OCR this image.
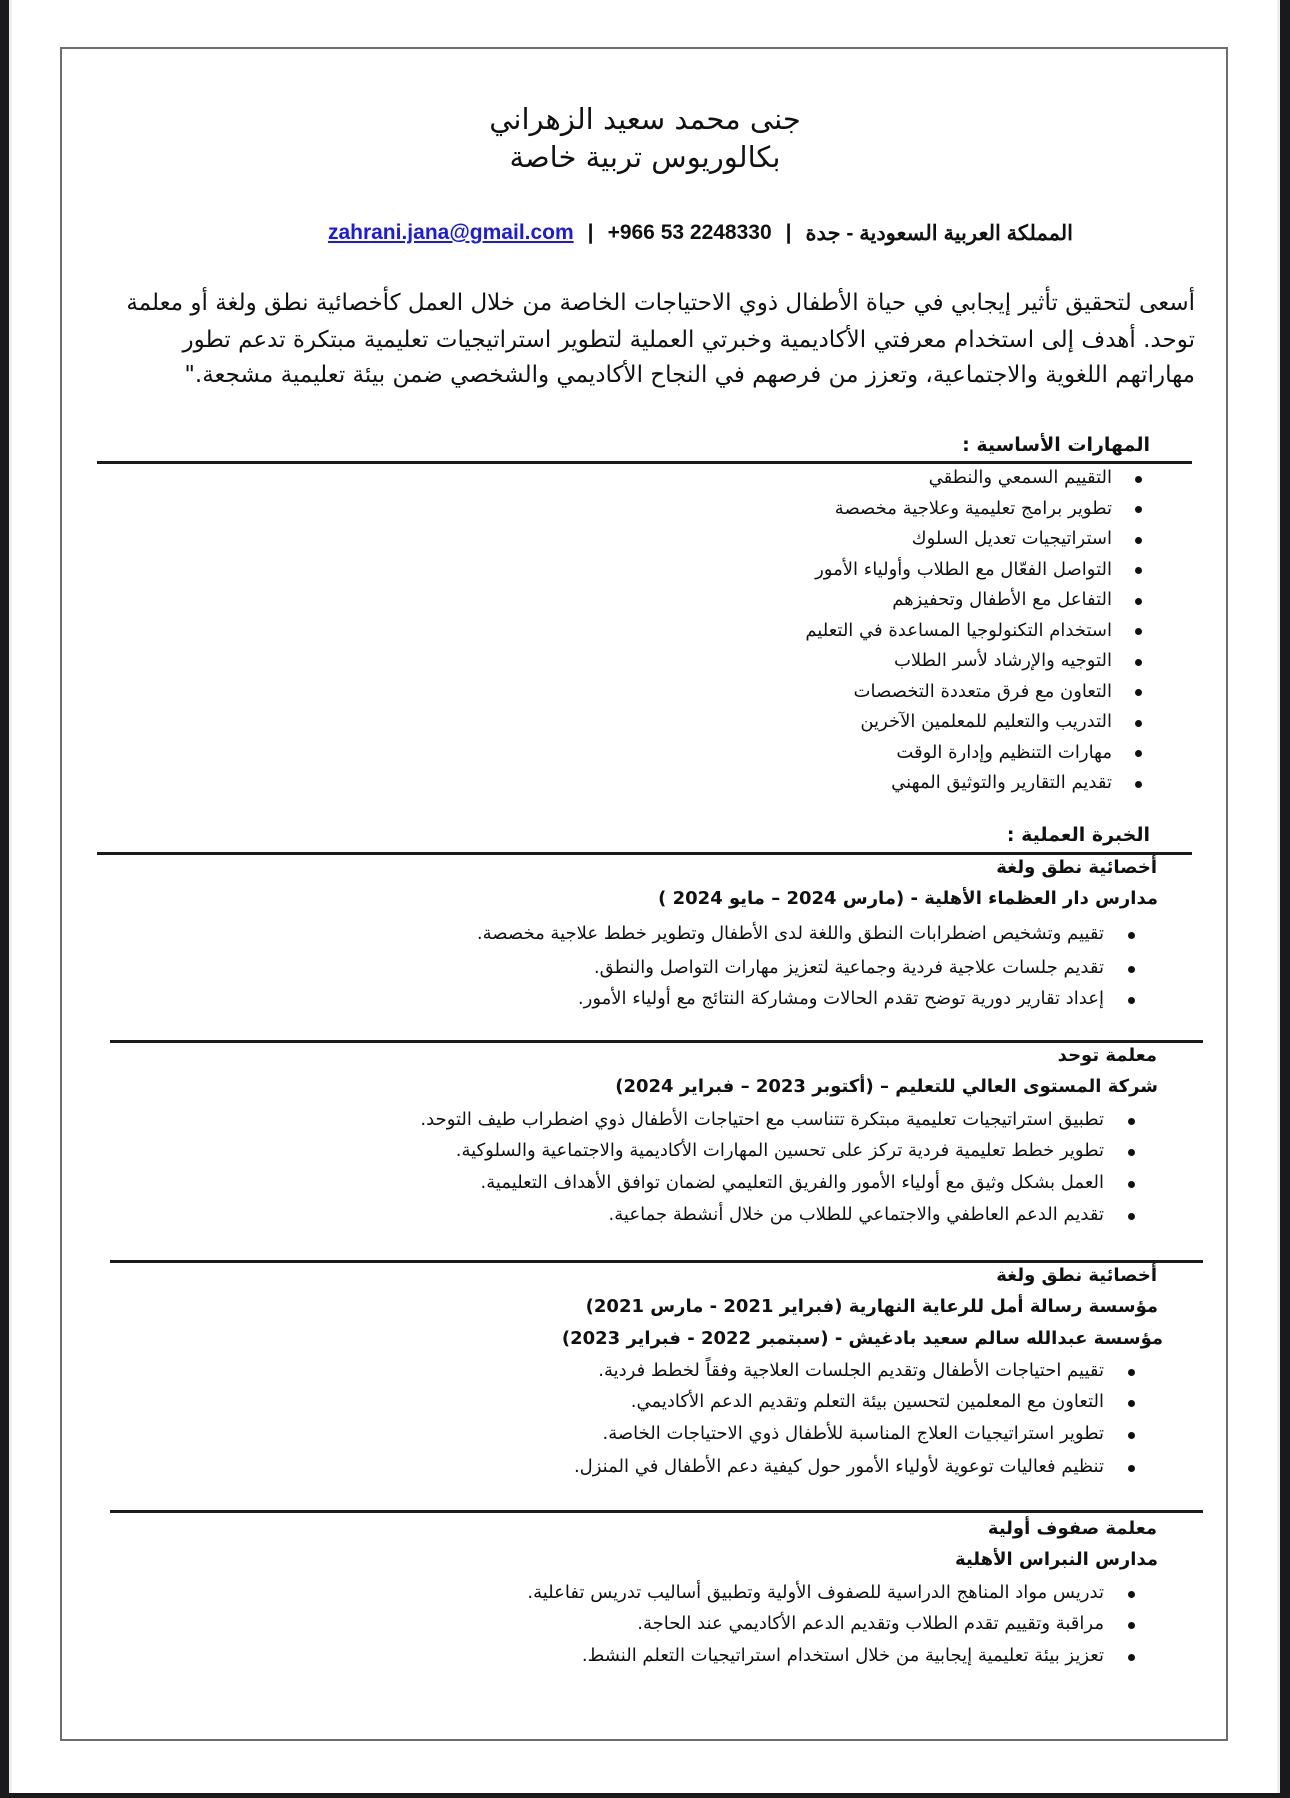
جنى محمد سعيد الزهراني
بكالوريوس تربية خاصة
المملكة العربية السعودية - جدة
|
+966 53 2248330
|
zahrani.jana@gmail.com
أسعى لتحقيق تأثير إيجابي في حياة الأطفال ذوي الاحتياجات الخاصة من خلال العمل كأخصائية نطق ولغة أو معلمة
توحد. أهدف إلى استخدام معرفتي الأكاديمية وخبرتي العملية لتطوير استراتيجيات تعليمية مبتكرة تدعم تطور
مهاراتهم اللغوية والاجتماعية، وتعزز من فرصهم في النجاح الأكاديمي والشخصي ضمن بيئة تعليمية مشجعة."
المهارات الأساسية :
الخبرة العملية :
التقييم السمعي والنطقي
تطوير برامج تعليمية وعلاجية مخصصة
استراتيجيات تعديل السلوك
التواصل الفعّال مع الطلاب وأولياء الأمور
التفاعل مع الأطفال وتحفيزهم
استخدام التكنولوجيا المساعدة في التعليم
التوجيه والإرشاد لأسر الطلاب
التعاون مع فرق متعددة التخصصات
التدريب والتعليم للمعلمين الآخرين
مهارات التنظيم وإدارة الوقت
تقديم التقارير والتوثيق المهني
أخصائية نطق ولغة
مدارس دار العظماء الأهلية - (مارس 2024 – مايو 2024 )
تقييم وتشخيص اضطرابات النطق واللغة لدى الأطفال وتطوير خطط علاجية مخصصة.
تقديم جلسات علاجية فردية وجماعية لتعزيز مهارات التواصل والنطق.
إعداد تقارير دورية توضح تقدم الحالات ومشاركة النتائج مع أولياء الأمور.
معلمة توحد
شركة المستوى العالي للتعليم – (أكتوبر 2023 – فبراير 2024)
تطبيق استراتيجيات تعليمية مبتكرة تتناسب مع احتياجات الأطفال ذوي اضطراب طيف التوحد.
تطوير خطط تعليمية فردية تركز على تحسين المهارات الأكاديمية والاجتماعية والسلوكية.
العمل بشكل وثيق مع أولياء الأمور والفريق التعليمي لضمان توافق الأهداف التعليمية.
تقديم الدعم العاطفي والاجتماعي للطلاب من خلال أنشطة جماعية.
أخصائية نطق ولغة
مؤسسة رسالة أمل للرعاية النهارية (فبراير 2021 - مارس 2021)
مؤسسة عبدالله سالم سعيد بادغيش - (سبتمبر 2022 - فبراير 2023)
تقييم احتياجات الأطفال وتقديم الجلسات العلاجية وفقاً لخطط فردية.
التعاون مع المعلمين لتحسين بيئة التعلم وتقديم الدعم الأكاديمي.
تطوير استراتيجيات العلاج المناسبة للأطفال ذوي الاحتياجات الخاصة.
تنظيم فعاليات توعوية لأولياء الأمور حول كيفية دعم الأطفال في المنزل.
معلمة صفوف أولية
مدارس النبراس الأهلية
تدريس مواد المناهج الدراسية للصفوف الأولية وتطبيق أساليب تدريس تفاعلية.
مراقبة وتقييم تقدم الطلاب وتقديم الدعم الأكاديمي عند الحاجة.
تعزيز بيئة تعليمية إيجابية من خلال استخدام استراتيجيات التعلم النشط.
